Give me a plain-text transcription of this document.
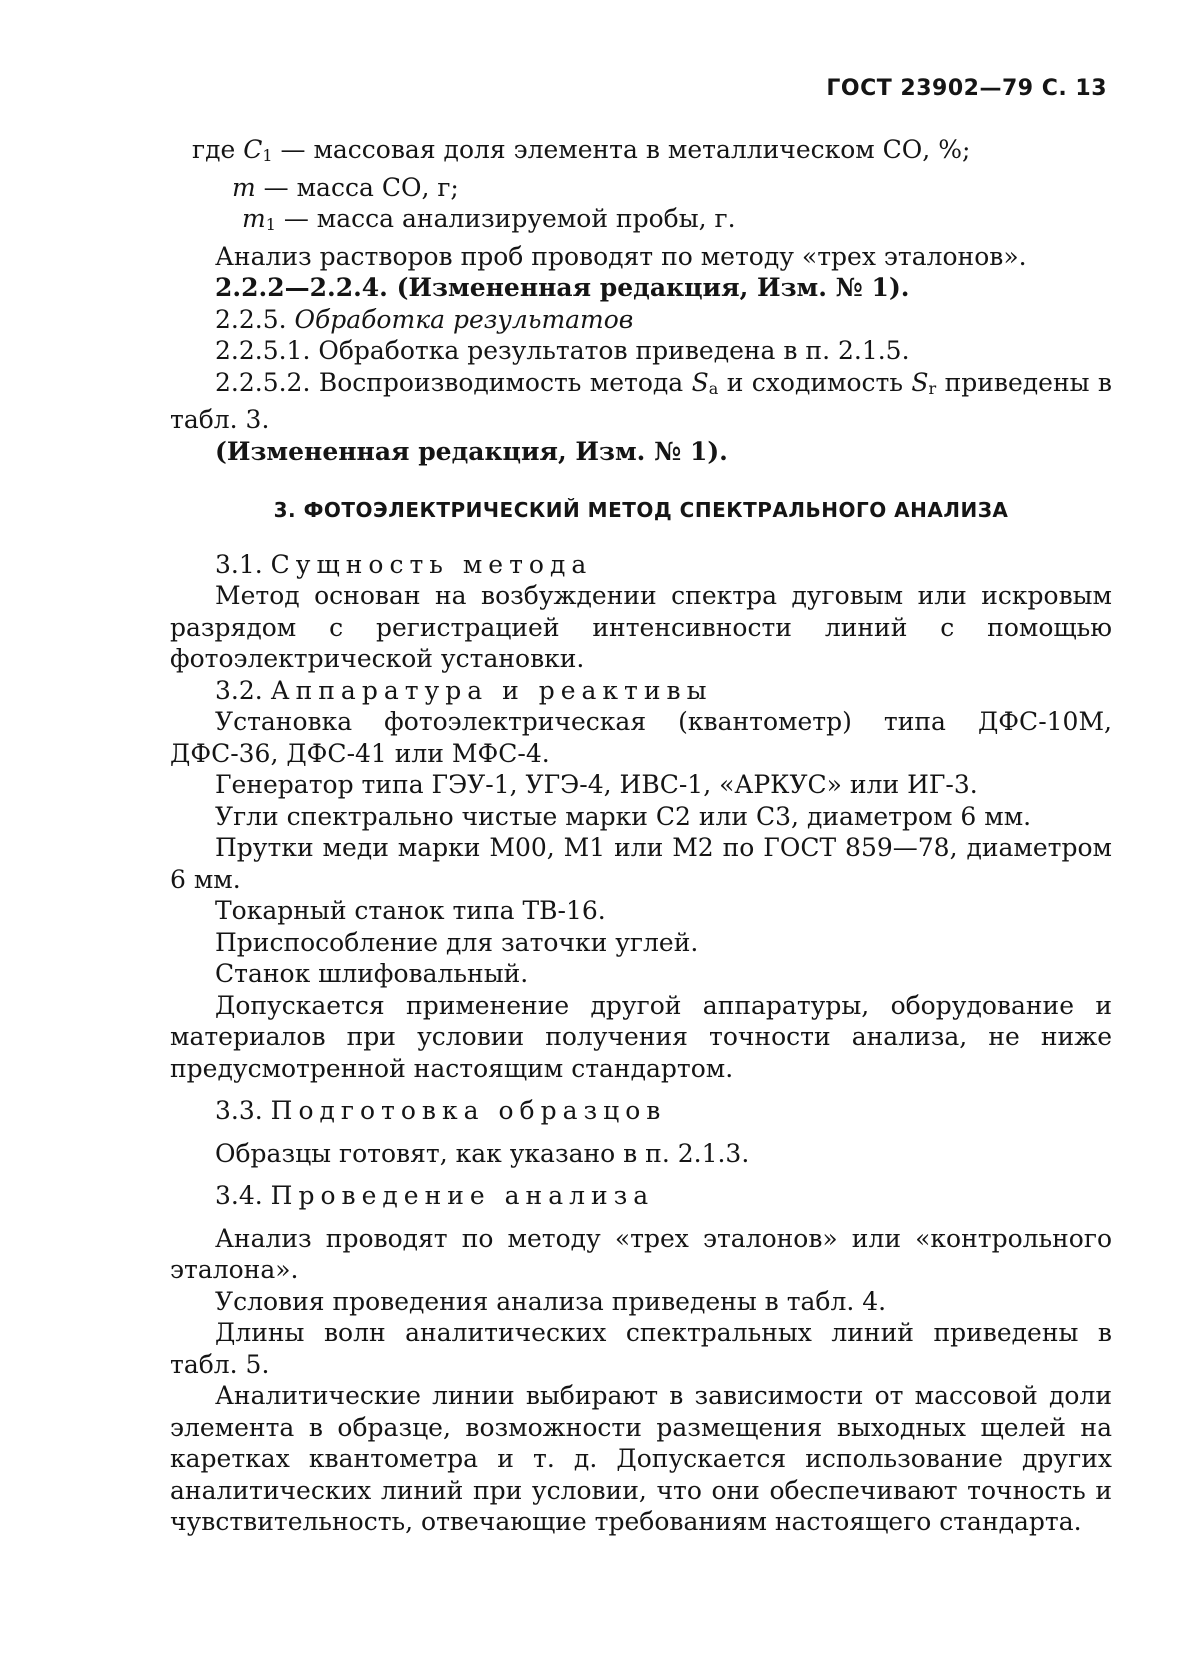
ГОСТ 23902—79 С. 13

где C1 — массовая доля элемента в металлическом СО, %;

m — масса СО, г;

m1 — масса анализируемой пробы, г.

Анализ растворов проб проводят по методу «трех эталонов».

2.2.2—2.2.4. (Измененная редакция, Изм. № 1).

2.2.5. Обработка результатов

2.2.5.1. Обработка результатов приведена в п. 2.1.5.

2.2.5.2. Воспроизводимость метода Sa и сходимость Sr приведены в табл. 3.

(Измененная редакция, Изм. № 1).

3. ФОТОЭЛЕКТРИЧЕСКИЙ МЕТОД СПЕКТРАЛЬНОГО АНАЛИЗА

3.1. Сущность метода

Метод основан на возбуждении спектра дуговым или искровым разрядом с регистрацией интенсивности линий с помощью фотоэлектрической установки.

3.2. Аппаратура и реактивы

Установка фотоэлектрическая (квантометр) типа ДФС-10М, ДФС-36, ДФС-41 или МФС-4.

Генератор типа ГЭУ-1, УГЭ-4, ИВС-1, «АРКУС» или ИГ-3.

Угли спектрально чистые марки С2 или С3, диаметром 6 мм.

Прутки меди марки М00, М1 или М2 по ГОСТ 859—78, диаметром 6 мм.

Токарный станок типа ТВ-16.

Приспособление для заточки углей.

Станок шлифовальный.

Допускается применение другой аппаратуры, оборудование и материалов при условии получения точности анализа, не ниже предусмотренной настоящим стандартом.

3.3. Подготовка образцов

Образцы готовят, как указано в п. 2.1.3.

3.4. Проведение анализа

Анализ проводят по методу «трех эталонов» или «контрольного эталона».

Условия проведения анализа приведены в табл. 4.

Длины волн аналитических спектральных линий приведены в табл. 5.

Аналитические линии выбирают в зависимости от массовой доли элемента в образце, возможности размещения выходных щелей на каретках квантометра и т. д. Допускается использование других аналитических линий при условии, что они обеспечивают точность и чувствительность, отвечающие требованиям настоящего стандарта.
